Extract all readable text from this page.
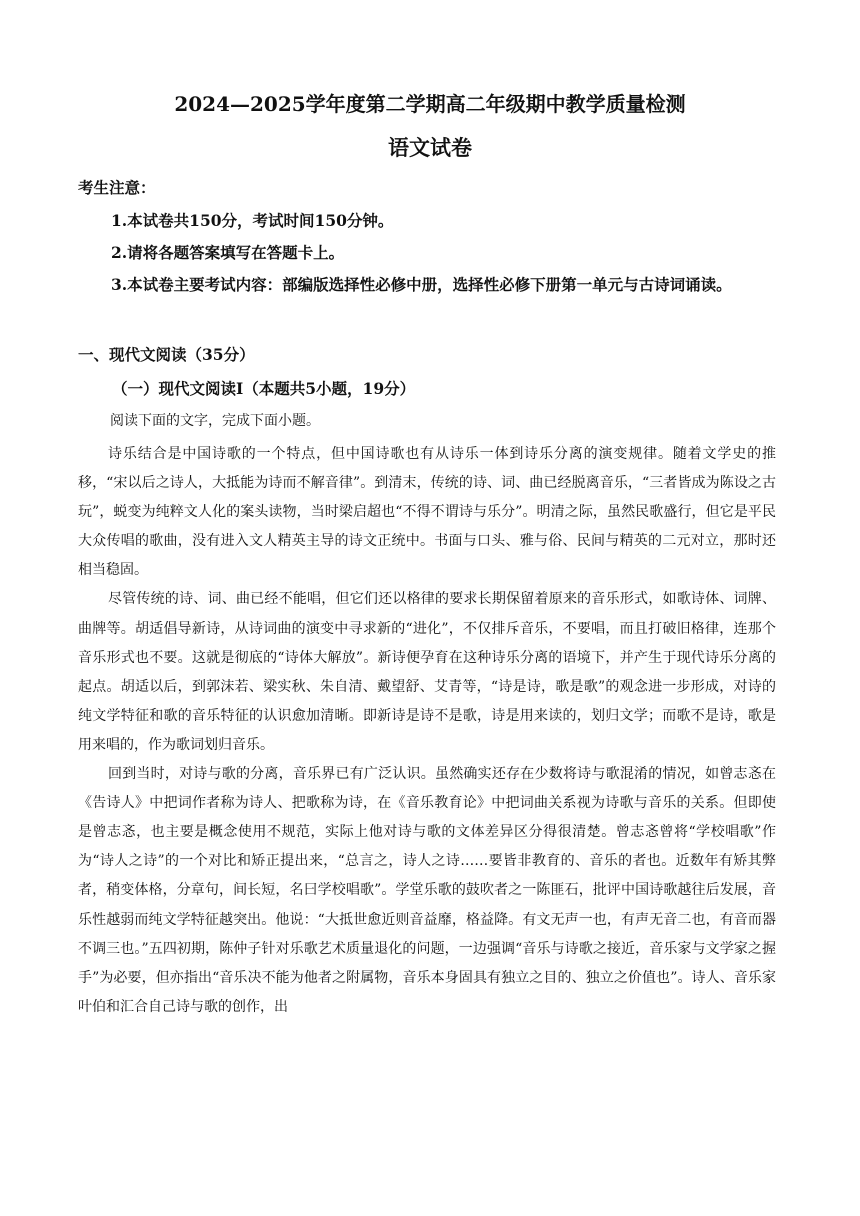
2024—2025学年度第二学期高二年级期中教学质量检测
语文试卷
考生注意：

1.本试卷共150分，考试时间150分钟。

2.请将各题答案填写在答题卡上。

3.本试卷主要考试内容：部编版选择性必修中册，选择性必修下册第一单元与古诗词诵读。

一、现代文阅读（35分）
（一）现代文阅读Ⅰ（本题共5小题，19分）
阅读下面的文字，完成下面小题。

诗乐结合是中国诗歌的一个特点，但中国诗歌也有从诗乐一体到诗乐分离的演变规律。随着文学史的推移，“宋以后之诗人，大抵能为诗而不解音律”。到清末，传统的诗、词、曲已经脱离音乐，“三者皆成为陈设之古玩”，蜕变为纯粹文人化的案头读物，当时梁启超也“不得不谓诗与乐分”。明清之际，虽然民歌盛行，但它是平民大众传唱的歌曲，没有进入文人精英主导的诗文正统中。书面与口头、雅与俗、民间与精英的二元对立，那时还相当稳固。

尽管传统的诗、词、曲已经不能唱，但它们还以格律的要求长期保留着原来的音乐形式，如歌诗体、词牌、曲牌等。胡适倡导新诗，从诗词曲的演变中寻求新的“进化”，不仅排斥音乐，不要唱，而且打破旧格律，连那个音乐形式也不要。这就是彻底的“诗体大解放”。新诗便孕育在这种诗乐分离的语境下，并产生于现代诗乐分离的起点。胡适以后，到郭沫若、梁实秋、朱自清、戴望舒、艾青等，“诗是诗，歌是歌”的观念进一步形成，对诗的纯文学特征和歌的音乐特征的认识愈加清晰。即新诗是诗不是歌，诗是用来读的，划归文学；而歌不是诗，歌是用来唱的，作为歌词划归音乐。

回到当时，对诗与歌的分离，音乐界已有广泛认识。虽然确实还存在少数将诗与歌混淆的情况，如曾志忞在《告诗人》中把词作者称为诗人、把歌称为诗，在《音乐教育论》中把词曲关系视为诗歌与音乐的关系。但即使是曾志忞，也主要是概念使用不规范，实际上他对诗与歌的文体差异区分得很清楚。曾志忞曾将“学校唱歌”作为“诗人之诗”的一个对比和矫正提出来，“总言之，诗人之诗……要皆非教育的、音乐的者也。近数年有矫其弊者，稍变体格，分章句，间长短，名曰学校唱歌”。学堂乐歌的鼓吹者之一陈匪石，批评中国诗歌越往后发展，音乐性越弱而纯文学特征越突出。他说：“大抵世愈近则音益靡，格益降。有文无声一也，有声无音二也，有音而器不调三也。”五四初期，陈仲子针对乐歌艺术质量退化的问题，一边强调“音乐与诗歌之接近，音乐家与文学家之握手”为必要，但亦指出“音乐决不能为他者之附属物，音乐本身固具有独立之目的、独立之价值也”。诗人、音乐家叶伯和汇合自己诗与歌的创作，出
